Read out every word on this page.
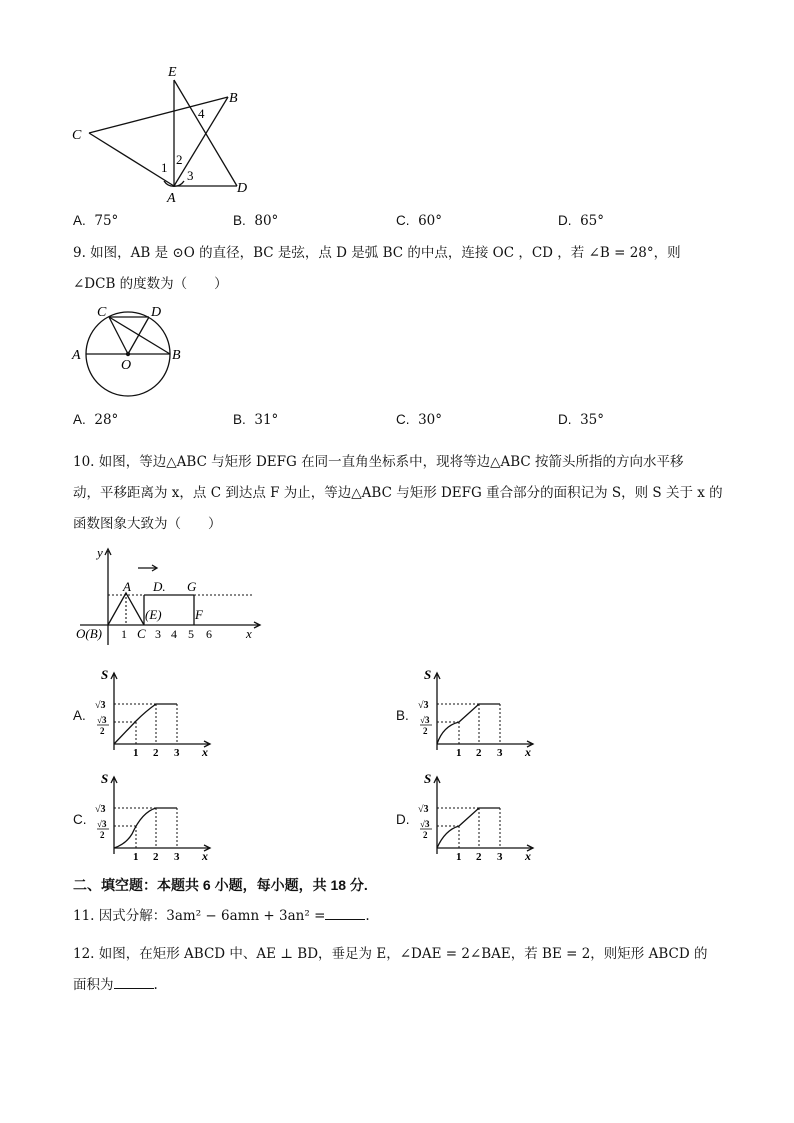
E
B
C
A
D
1
2
3
4
A. 75°	B. 80°	C. 60°	D. 65°
9. 如图，AB 是 ⊙O 的直径，BC 是弦，点 D 是弧 BC 的中点，连接 OC ，CD ，若 ∠B = 28°，则
∠DCB 的度数为（　　）
C	D
A	B
O
A. 28°	B. 31°	C. 30°	D. 35°
10. 如图，等边△ABC 与矩形 DEFG 在同一直角坐标系中，现将等边△ABC 按箭头所指的方向水平移
动，平移距离为 x，点 C 到达点 F 为止，等边△ABC 与矩形 DEFG 重合部分的面积记为 S，则 S 关于 x 的
函数图象大致为（　　）
y
A D. G
(E)	F
O(B) 1 C 3 4 5 6	x
A.	B.
C.	D.
S
√3
√3
2
1 2 3 x
S
√3
√3
2
1 2 3 x
S
√3
√3
2
1 2 3 x
S
√3
√3
2
1 2 3 x
二、填空题：本题共 6 小题，每小题，共 18 分.
11. 因式分解：3am² − 6amn + 3an² =	.
12. 如图，在矩形 ABCD 中、AE ⊥ BD，垂足为 E，∠DAE = 2∠BAE，若 BE = 2，则矩形 ABCD 的
面积为	.
